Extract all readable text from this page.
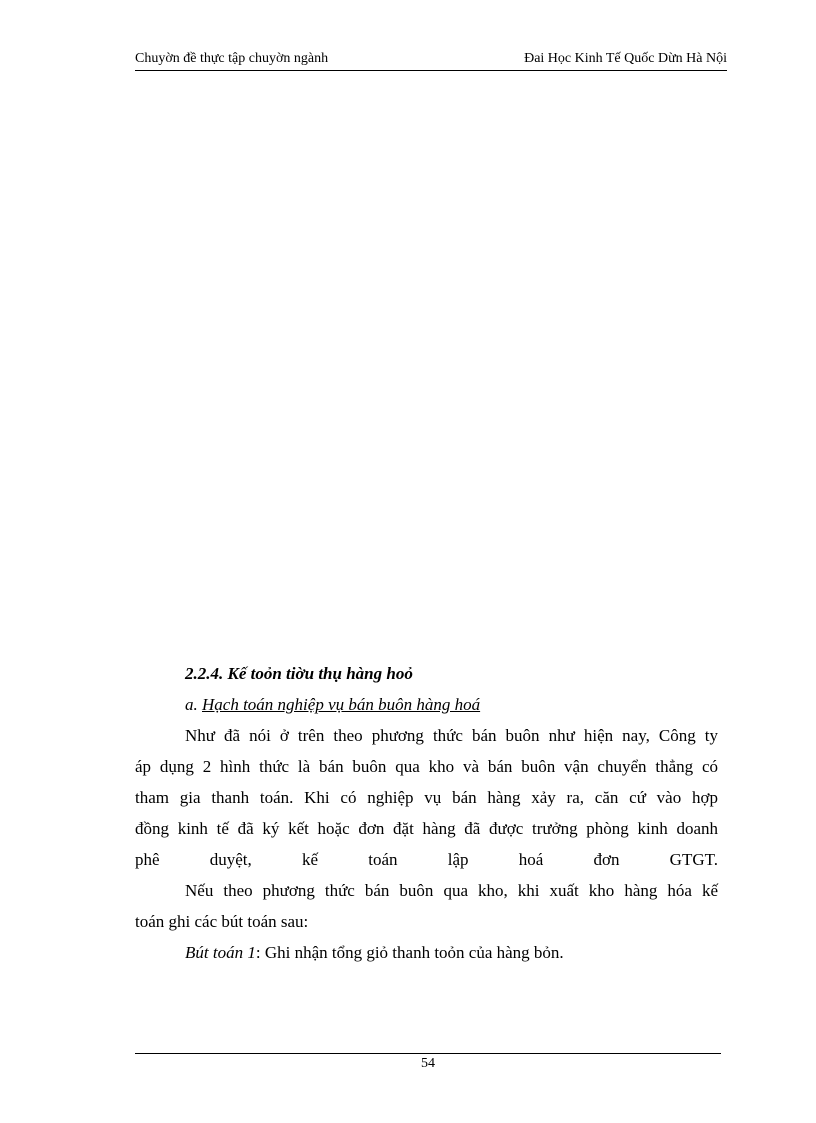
Chuyờn đề thực tập chuyờn ngành	Đai Học Kinh Tế Quốc Dừn Hà Nội
2.2.4. Kế toỏn tiờu thụ hàng hoỏ
a. Hạch toán nghiệp vụ bán buôn hàng hoá
Như đã nói ở trên theo phương thức bán buôn như hiện nay, Công ty
áp dụng 2 hình thức là bán buôn qua kho và bán buôn vận chuyển thẳng có
tham gia thanh toán. Khi có nghiệp vụ bán hàng xảy ra, căn cứ vào hợp
đồng kinh tế đã ký kết hoặc đơn đặt hàng đã được trưởng phòng kinh doanh
phê duyệt, kế toán lập hoá đơn GTGT.
Nếu theo phương thức bán buôn qua kho, khi xuất kho hàng hóa kế
toán ghi các bút toán sau:
Bút toán 1: Ghi nhận tổng giỏ thanh toỏn của hàng bỏn.
54
